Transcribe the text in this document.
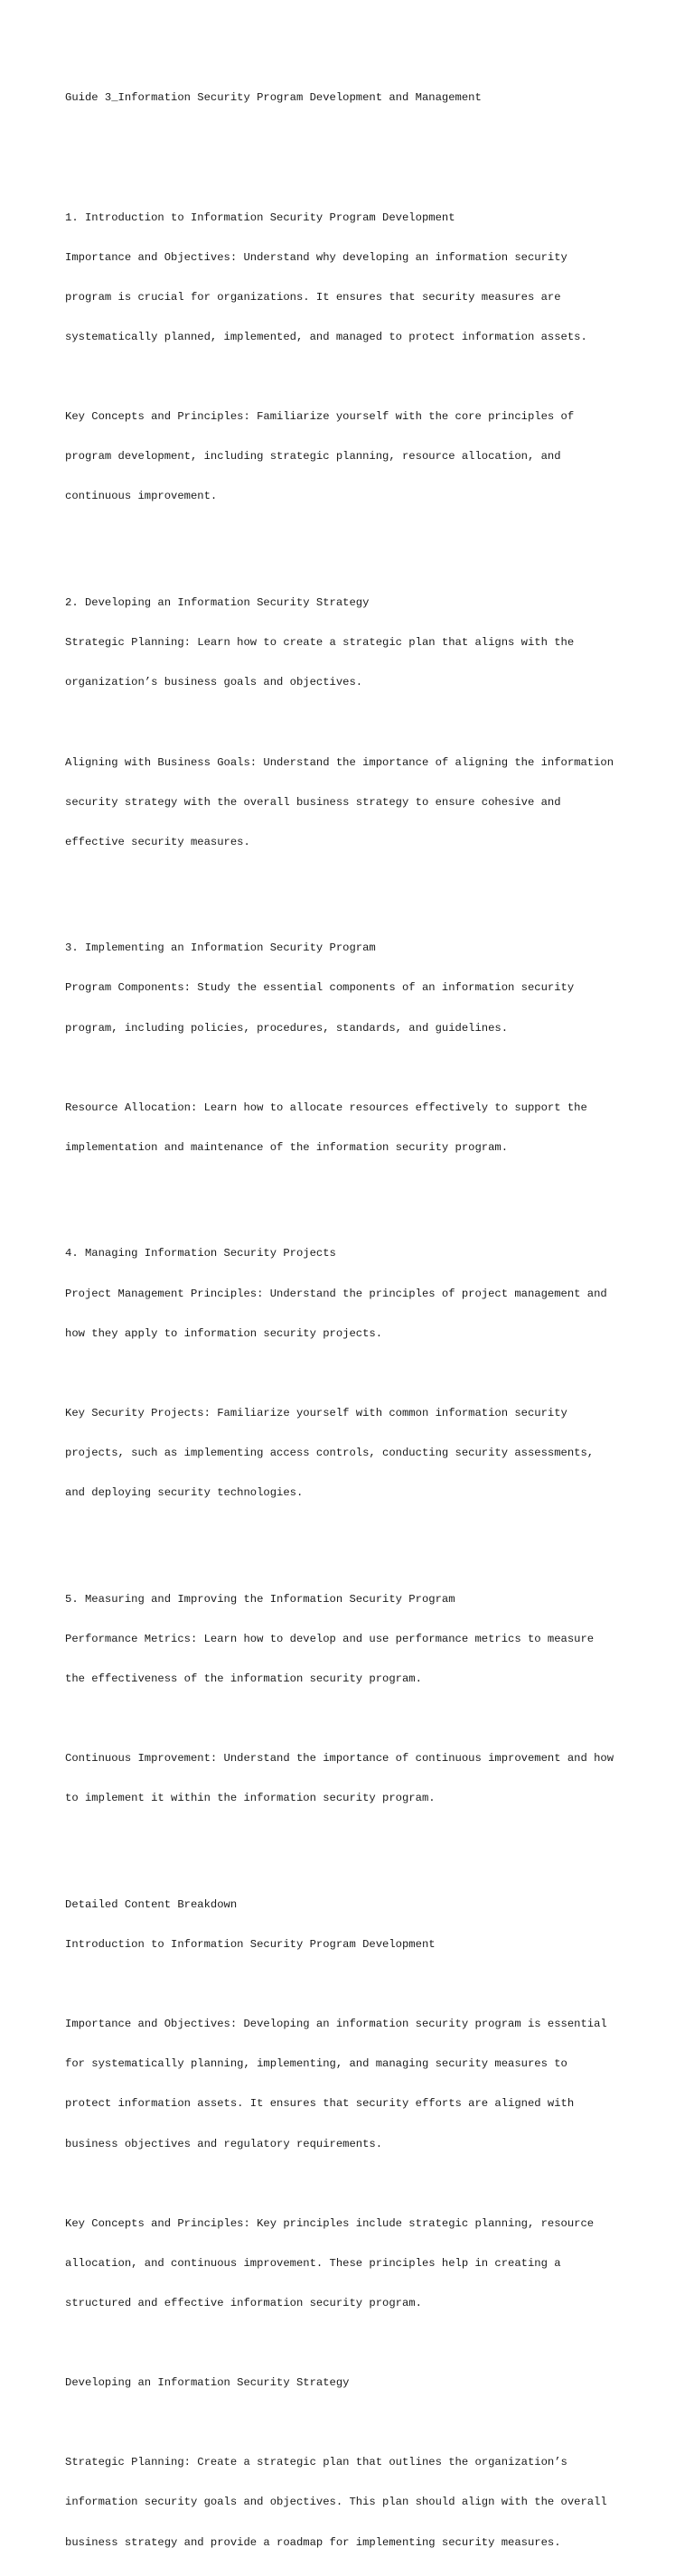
Guide 3_Information Security Program Development and Management

1. Introduction to Information Security Program Development

Importance and Objectives: Understand why developing an information security

program is crucial for organizations. It ensures that security measures are

systematically planned, implemented, and managed to protect information assets.

Key Concepts and Principles: Familiarize yourself with the core principles of

program development, including strategic planning, resource allocation, and

continuous improvement.

2. Developing an Information Security Strategy

Strategic Planning: Learn how to create a strategic plan that aligns with the

organization’s business goals and objectives.

Aligning with Business Goals: Understand the importance of aligning the information

security strategy with the overall business strategy to ensure cohesive and

effective security measures.

3. Implementing an Information Security Program

Program Components: Study the essential components of an information security

program, including policies, procedures, standards, and guidelines.

Resource Allocation: Learn how to allocate resources effectively to support the

implementation and maintenance of the information security program.

4. Managing Information Security Projects

Project Management Principles: Understand the principles of project management and

how they apply to information security projects.

Key Security Projects: Familiarize yourself with common information security

projects, such as implementing access controls, conducting security assessments,

and deploying security technologies.

5. Measuring and Improving the Information Security Program

Performance Metrics: Learn how to develop and use performance metrics to measure

the effectiveness of the information security program.

Continuous Improvement: Understand the importance of continuous improvement and how

to implement it within the information security program.

Detailed Content Breakdown

Introduction to Information Security Program Development

Importance and Objectives: Developing an information security program is essential

for systematically planning, implementing, and managing security measures to

protect information assets. It ensures that security efforts are aligned with

business objectives and regulatory requirements.

Key Concepts and Principles: Key principles include strategic planning, resource

allocation, and continuous improvement. These principles help in creating a

structured and effective information security program.

Developing an Information Security Strategy

Strategic Planning: Create a strategic plan that outlines the organization’s

information security goals and objectives. This plan should align with the overall

business strategy and provide a roadmap for implementing security measures.
